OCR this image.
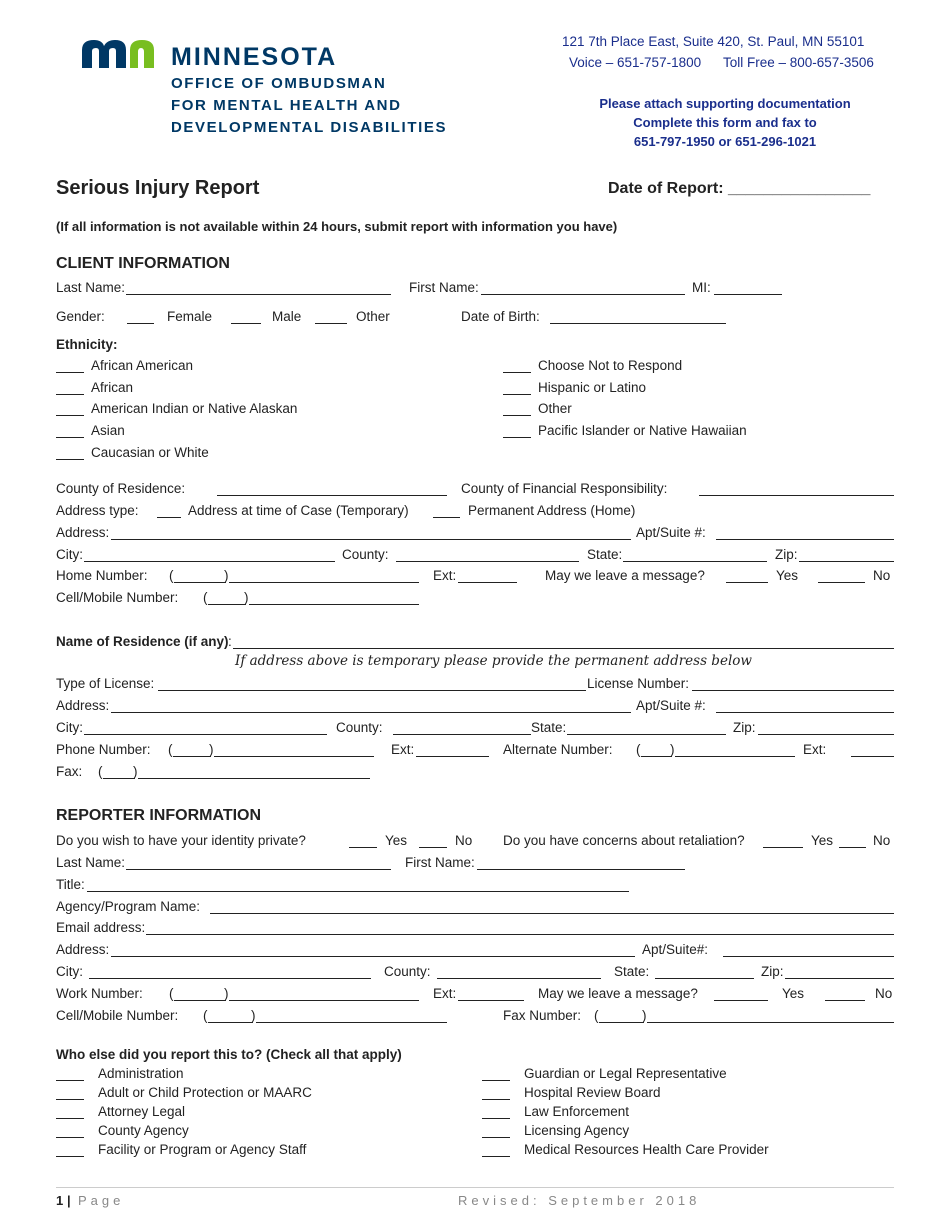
MINNESOTA
OFFICE OF OMBUDSMAN
FOR MENTAL HEALTH AND
DEVELOPMENTAL DISABILITIES
121 7th Place East, Suite 420, St. Paul, MN 55101
Voice – 651-757-1800 Toll Free – 800-657-3506
Please attach supporting documentation
Complete this form and fax to
651-797-1950 or 651-296-1021
Serious Injury Report	Date of Report: ________________
(If all information is not available within 24 hours, submit report with information you have)
CLIENT INFORMATION
Last Name:	First Name:	MI:
Gender:	Female	Male	Other	Date of Birth:
Ethnicity:
African American
African
American Indian or Native Alaskan
Asian
Caucasian or White
Choose Not to Respond
Hispanic or Latino
Other
Pacific Islander or Native Hawaiian
County of Residence:	County of Financial Responsibility:
Address type:	Address at time of Case (Temporary)	Permanent Address (Home)
Address:	Apt/Suite #:
City:	County:	State:	Zip:
Home Number: (	)	Ext:	May we leave a message?	Yes	No
Cell/Mobile Number: (	)
Name of Residence (if any) :
If address above is temporary please provide the permanent address below
Type of License:	License Number:
Address:	Apt/Suite #:
City:	County:	State:	Zip:
Phone Number: (	)	Ext:	Alternate Number: ( )	Ext:
Fax: ( )
REPORTER INFORMATION
Do you wish to have your identity private?	Yes	No Do you have concerns about retaliation?	Yes	No
Last Name:	First Name:
Title:
Agency/Program Name:
Email address:
Address:	Apt/Suite#:
City:	County:	State:	Zip:
Work Number: (	)	Ext:	May we leave a message?	Yes	No
Cell/Mobile Number: (	)	Fax Number: (	)
Who else did you report this to? (Check all that apply)
Administration
Adult or Child Protection or MAARC
Attorney Legal
County Agency
Facility or Program or Agency Staff
Guardian or Legal Representative
Hospital Review Board
Law Enforcement
Licensing Agency
Medical Resources Health Care Provider
1 | Page	Revised: September 2018
